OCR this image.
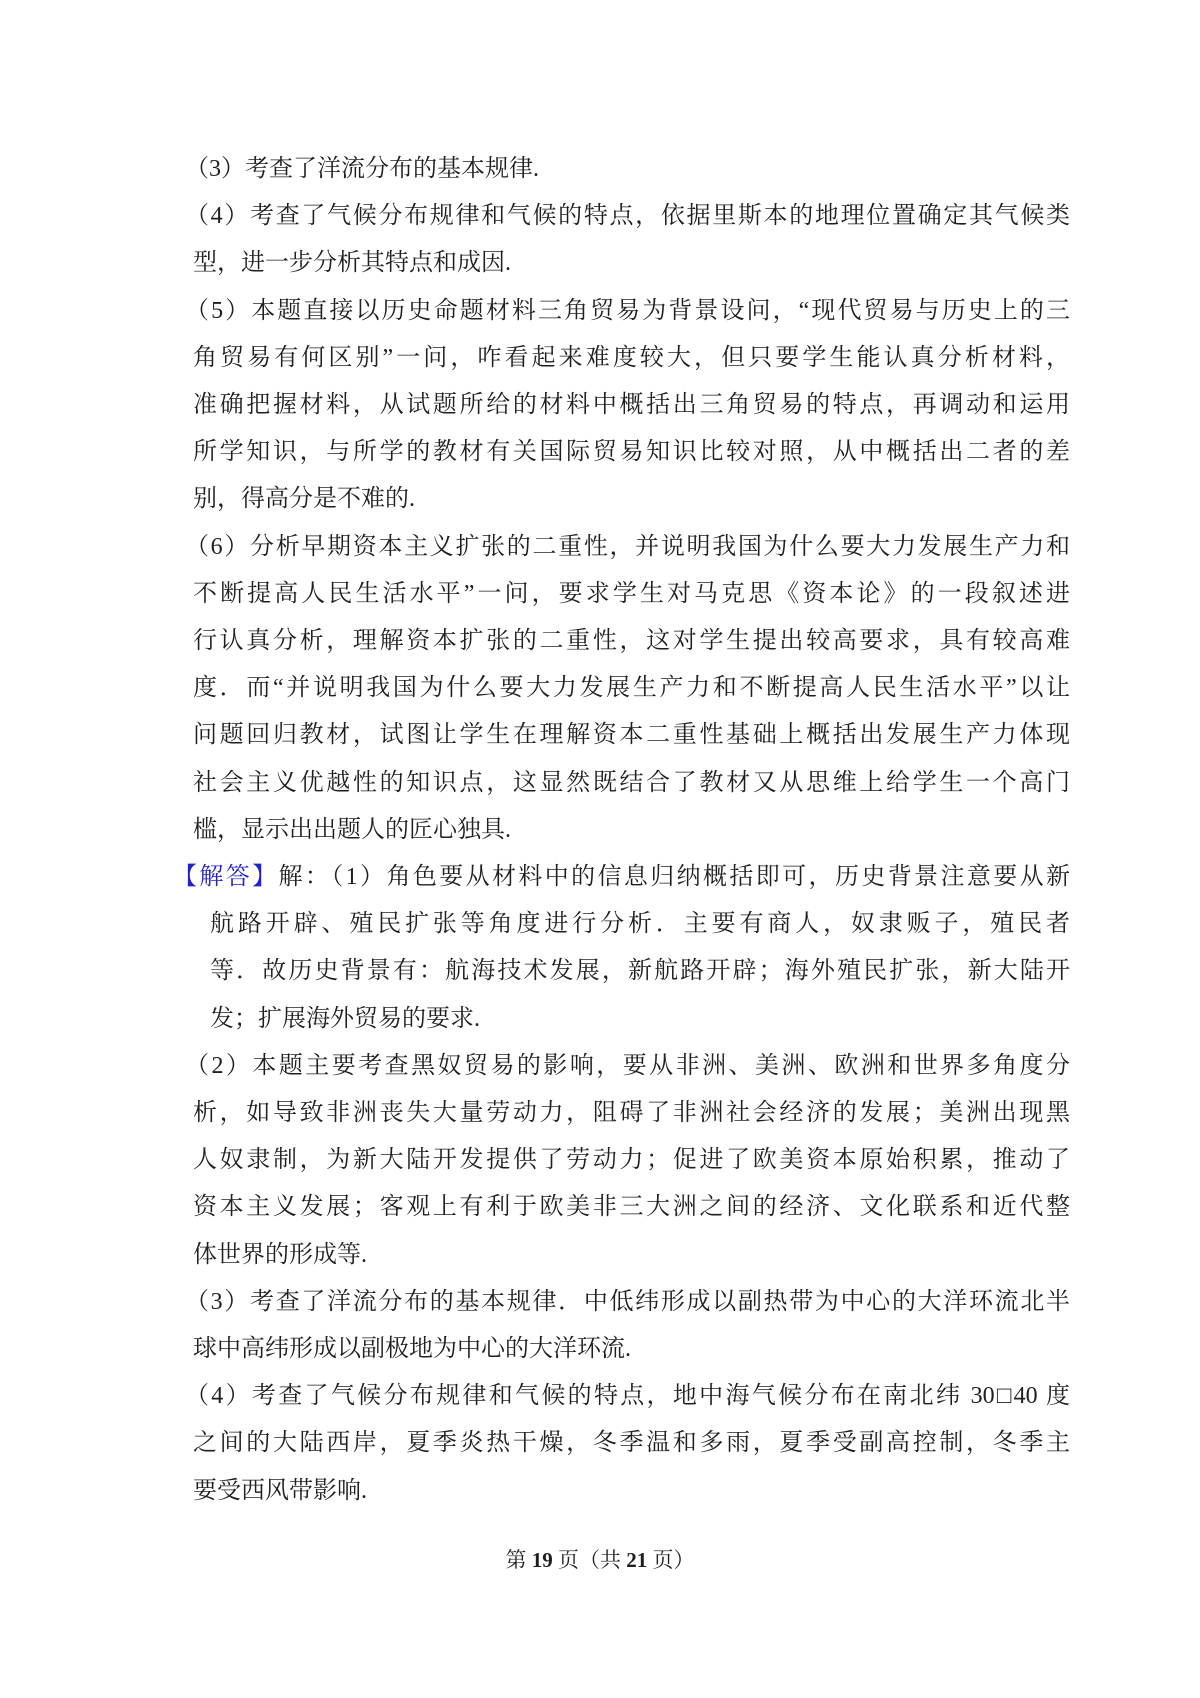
（3）考查了洋流分布的基本规律.
（4）考查了气候分布规律和气候的特点，依据里斯本的地理位置确定其气候类
型，进一步分析其特点和成因.
（5）本题直接以历史命题材料三角贸易为背景设问，“现代贸易与历史上的三
角贸易有何区别”一问，咋看起来难度较大，但只要学生能认真分析材料，
准确把握材料，从试题所给的材料中概括出三角贸易的特点，再调动和运用
所学知识，与所学的教材有关国际贸易知识比较对照，从中概括出二者的差
别，得高分是不难的.
（6）分析早期资本主义扩张的二重性，并说明我国为什么要大力发展生产力和
不断提高人民生活水平”一问，要求学生对马克思《资本论》的一段叙述进
行认真分析，理解资本扩张的二重性，这对学生提出较高要求，具有较高难
度．而“并说明我国为什么要大力发展生产力和不断提高人民生活水平”以让
问题回归教材，试图让学生在理解资本二重性基础上概括出发展生产力体现
社会主义优越性的知识点，这显然既结合了教材又从思维上给学生一个高门
槛，显示出出题人的匠心独具.
【解答】解：（1）角色要从材料中的信息归纳概括即可，历史背景注意要从新
航路开辟、殖民扩张等角度进行分析．主要有商人，奴隶贩子，殖民者
等．故历史背景有：航海技术发展，新航路开辟；海外殖民扩张，新大陆开
发；扩展海外贸易的要求.
（2）本题主要考查黑奴贸易的影响，要从非洲、美洲、欧洲和世界多角度分
析，如导致非洲丧失大量劳动力，阻碍了非洲社会经济的发展；美洲出现黑
人奴隶制，为新大陆开发提供了劳动力；促进了欧美资本原始积累，推动了
资本主义发展；客观上有利于欧美非三大洲之间的经济、文化联系和近代整
体世界的形成等.
（3）考查了洋流分布的基本规律．中低纬形成以副热带为中心的大洋环流北半
球中高纬形成以副极地为中心的大洋环流.
（4）考查了气候分布规律和气候的特点，地中海气候分布在南北纬 30□40 度
之间的大陆西岸，夏季炎热干燥，冬季温和多雨，夏季受副高控制，冬季主
要受西风带影响.
第 19 页（共 21 页）
